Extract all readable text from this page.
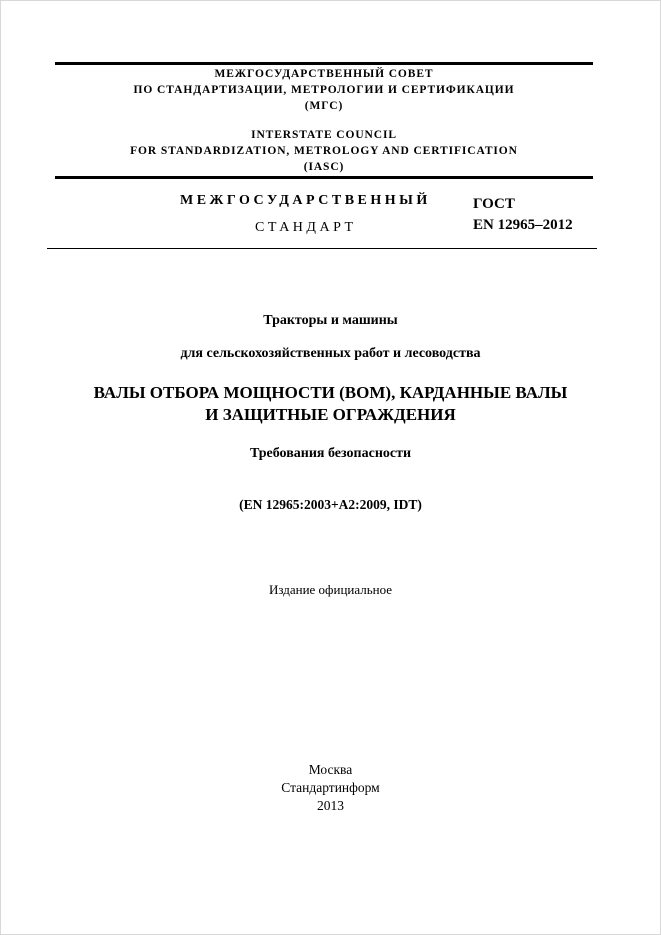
МЕЖГОСУДАРСТВЕННЫЙ СОВЕТ
ПО СТАНДАРТИЗАЦИИ, МЕТРОЛОГИИ И СЕРТИФИКАЦИИ
(МГС)
INTERSTATE COUNCIL
FOR STANDARDIZATION, METROLOGY AND CERTIFICATION
(IASC)
МЕЖГОСУДАРСТВЕННЫЙ
СТАНДАРТ
ГОСТ
EN 12965–2012
Тракторы и машины
для сельскохозяйственных работ и лесоводства
ВАЛЫ ОТБОРА МОЩНОСТИ (ВОМ), КАРДАННЫЕ ВАЛЫ
И ЗАЩИТНЫЕ ОГРАЖДЕНИЯ
Требования безопасности
(EN 12965:2003+A2:2009, IDT)
Издание официальное
Москва
Стандартинформ
2013
